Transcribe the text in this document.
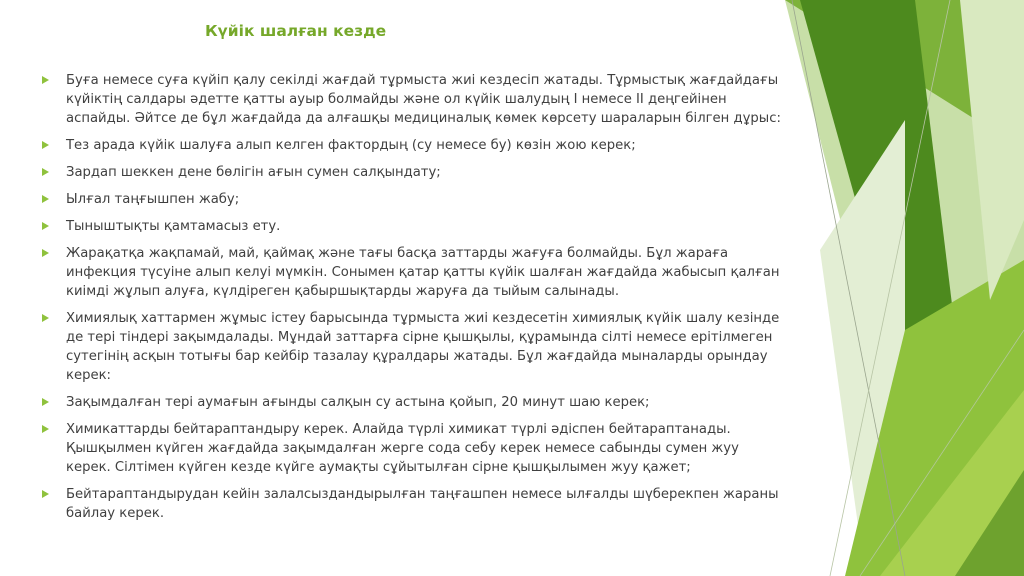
Күйік шалған кезде
Буға немесе суға күйіп қалу секілді жағдай тұрмыста жиі кездесіп жатады. Тұрмыстық жағдайдағы күйіктің салдары әдетте қатты ауыр болмайды және ол күйік шалудың І немесе ІІ деңгейінен аспайды. Әйтсе де бұл жағдайда да алғашқы медициналық көмек көрсету шараларын білген дұрыс:
Тез арада күйік шалуға алып келген фактордың (су немесе бу) көзін жою керек;
Зардап шеккен дене бөлігін ағын сумен салқындату;
Ылғал таңғышпен жабу;
Тыныштықты қамтамасыз ету.
Жарақатқа жақпамай, май, қаймақ және тағы басқа заттарды жағуға болмайды. Бұл жараға инфекция түсуіне алып келуі мүмкін. Сонымен қатар қатты күйік шалған жағдайда жабысып қалған киімді жұлып алуға, күлдіреген қабыршықтарды жаруға да тыйым салынады.
Химиялық хаттармен жұмыс істеу барысында тұрмыста жиі кездесетін химиялық күйік шалу кезінде де тері тіндері зақымдалады. Мұндай заттарға сірне қышқылы, құрамында сілті немесе ерітілмеген сутегінің асқын тотығы бар кейбір тазалау құралдары жатады. Бұл жағдайда мыналарды орындау керек:
Зақымдалған тері аумағын ағынды салқын су астына қойып, 20 минут шаю керек;
Химикаттарды бейтараптандыру керек. Алайда түрлі химикат түрлі әдіспен бейтараптанады. Қышқылмен күйген жағдайда зақымдалған жерге сода себу керек немесе сабынды сумен жуу керек. Сілтімен күйген кезде күйге аумақты сұйытылған сірне қышқылымен жуу қажет;
Бейтараптандырудан кейін залалсыздандырылған таңғашпен немесе ылғалды шүберекпен жараны байлау керек.
